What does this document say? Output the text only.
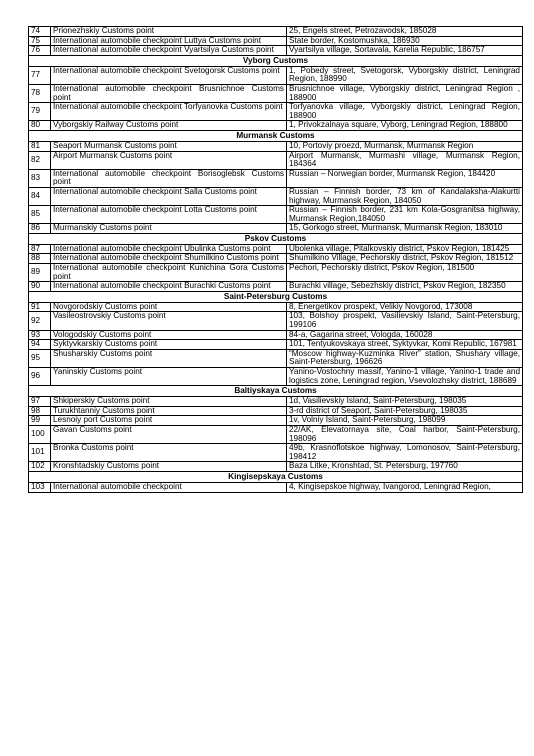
74	Prionezhskiy Customs point	25, Engels street, Petrozavodsk, 185028
75	International automobile checkpoint Luttya Customs point	State border, Kostomushka, 186930
76	International automobile checkpoint Vyartsilya Customs point	Vyartsilya village, Sortavala, Karelia Republic, 186757
Vyborg Customs		
77	International automobile checkpoint Svetogorsk Customs point	1, Pobedy street, Svetogorsk, Vyborgskiy district, Leningrad Region, 188990
78	International automobile checkpoint Brusnichnoe Customs point	Brusnichnoe village, Vyborgskiy district, Leningrad Region , 188900
79	International automobile checkpoint Torfyanovka Customs point	Torfyanovka village, Vyborgskiy district, Leningrad Region, 188900
80	Vyborgskiy Railway Customs point	1, Privokzalnaya square, Vyborg, Leningrad Region, 188800
Murmansk Customs		
81	Seaport Murmansk Customs point	10, Portoviy proezd, Murmansk, Murmansk Region
82	Airport Murmansk Customs point	Airport Murmansk, Murmashi village, Murmansk Region, 184364
83	International automobile checkpoint Borisoglebsk Customs point	Russian – Norwegian border, Murmansk Region, 184420
84	International automobile checkpoint Salla Customs point	Russian – Finnish border, 73 km of Kandalaksha-Alakurtti highway, Murmansk Region, 184050
85	International automobile checkpoint Lotta Customs point	Russian – Finnish border, 231 km Kola-Gosgranitsa highway, Murmansk Region,184050
86	Murmanskiy Customs point	15, Gorkogo street, Murmansk, Murmansk Region, 183010
Pskov Customs		
87	International automobile checkpoint Ubulinka Customs point	Ubolenka village, Pitalkovskiy district, Pskov Region, 181425
88	International automobile checkpoint Shumilkino Customs point	Shumilkino Village, Pechorskiy district, Pskov Region, 181512
89	International automobile checkpoint Kunichina Gora Customs point	Pechori, Pechorskiy district, Pskov Region, 181500
90	International automobile checkpoint Burachki Customs point	Burachki village, Sebezhskiy district, Pskov Region, 182350
Saint-Petersburg Customs		
91	Novgorodskiy Customs point	8, Energetikov prospekt, Velikiy Novgorod, 173008
92	Vasileostrovskiy Customs point	103, Bolshoy prospekt, Vasilievskiy Island, Saint-Petersburg, 199106
93	Vologodskiy Customs point	84-a, Gagarina street, Vologda, 160028
94	Syktyvkarskiy Customs point	101, Tentyukovskaya street, Syktyvkar, Komi Republic, 167981
95	Shusharskiy Customs point	“Moscow highway-Kuzminka River” station, Shushary village, Saint-Petersburg, 196626
96	Yaninskiy Customs point	Yanino-Vostochny massif, Yanino-1 village, Yanino-1 trade and logistics zone, Leningrad region, Vsevolozhsky district, 188689
Baltiyskaya Customs		
97	Shkiperskiy Customs point	1d, Vasilievskiy Island, Saint-Petersburg, 198035
98	Turukhtanniy Customs point	3-rd district of Seaport, Saint-Petersburg, 198035
99	Lesnoiy port Customs point	1v, Volniy Island, Saint-Petersburg, 198099
100	Gavan Customs point	22/AK, Elevatornaya site, Coal harbor, Saint-Petersburg, 198096
101	Bronka Customs point	49b, Krasnoflotskoe highway, Lomonosov, Saint-Petersburg, 198412
102	Kronshtadskiy Customs point	Baza Litke, Kronshtad, St. Petersburg, 197760
Kingisepskaya Customs		
103	International automobile checkpoint	4, Kingisepskoe highway, Ivangorod, Leningrad Region,
